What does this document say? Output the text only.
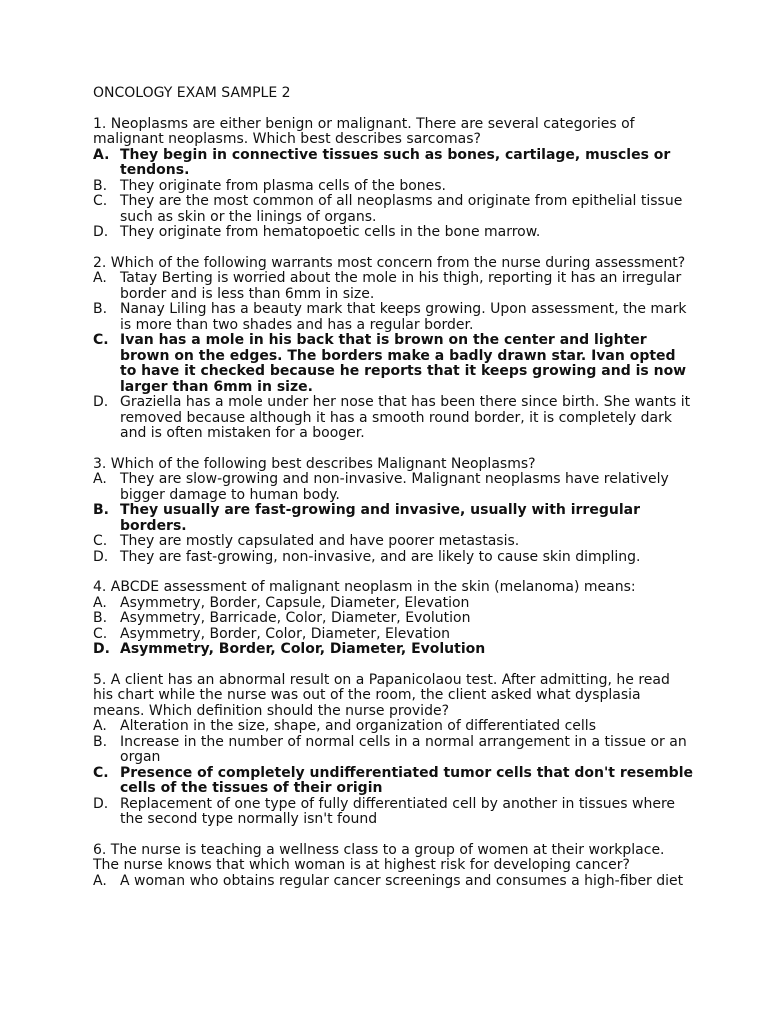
ONCOLOGY EXAM SAMPLE 2
1. Neoplasms are either benign or malignant. There are several categories of malignant neoplasms. Which best describes sarcomas?
A. They begin in connective tissues such as bones, cartilage, muscles or tendons.
B. They originate from plasma cells of the bones.
C. They are the most common of all neoplasms and originate from epithelial tissue such as skin or the linings of organs.
D. They originate from hematopoetic cells in the bone marrow.
2. Which of the following warrants most concern from the nurse during assessment?
A. Tatay Berting is worried about the mole in his thigh, reporting it has an irregular border and is less than 6mm in size.
B. Nanay Liling has a beauty mark that keeps growing. Upon assessment, the mark is more than two shades and has a regular border.
C. Ivan has a mole in his back that is brown on the center and lighter brown on the edges. The borders make a badly drawn star. Ivan opted to have it checked because he reports that it keeps growing and is now larger than 6mm in size.
D. Graziella has a mole under her nose that has been there since birth. She wants it removed because although it has a smooth round border, it is completely dark and is often mistaken for a booger.
3. Which of the following best describes Malignant Neoplasms?
A. They are slow-growing and non-invasive. Malignant neoplasms have relatively bigger damage to human body.
B. They usually are fast-growing and invasive, usually with irregular borders.
C. They are mostly capsulated and have poorer metastasis.
D. They are fast-growing, non-invasive, and are likely to cause skin dimpling.
4. ABCDE assessment of malignant neoplasm in the skin (melanoma) means:
A. Asymmetry, Border, Capsule, Diameter, Elevation
B. Asymmetry, Barricade, Color, Diameter, Evolution
C. Asymmetry, Border, Color, Diameter, Elevation
D. Asymmetry, Border, Color, Diameter, Evolution
5. A client has an abnormal result on a Papanicolaou test. After admitting, he read his chart while the nurse was out of the room, the client asked what dysplasia means. Which definition should the nurse provide?
A. Alteration in the size, shape, and organization of differentiated cells
B. Increase in the number of normal cells in a normal arrangement in a tissue or an organ
C. Presence of completely undifferentiated tumor cells that don't resemble cells of the tissues of their origin
D. Replacement of one type of fully differentiated cell by another in tissues where the second type normally isn't found
6. The nurse is teaching a wellness class to a group of women at their workplace. The nurse knows that which woman is at highest risk for developing cancer?
A. A woman who obtains regular cancer screenings and consumes a high-fiber diet
